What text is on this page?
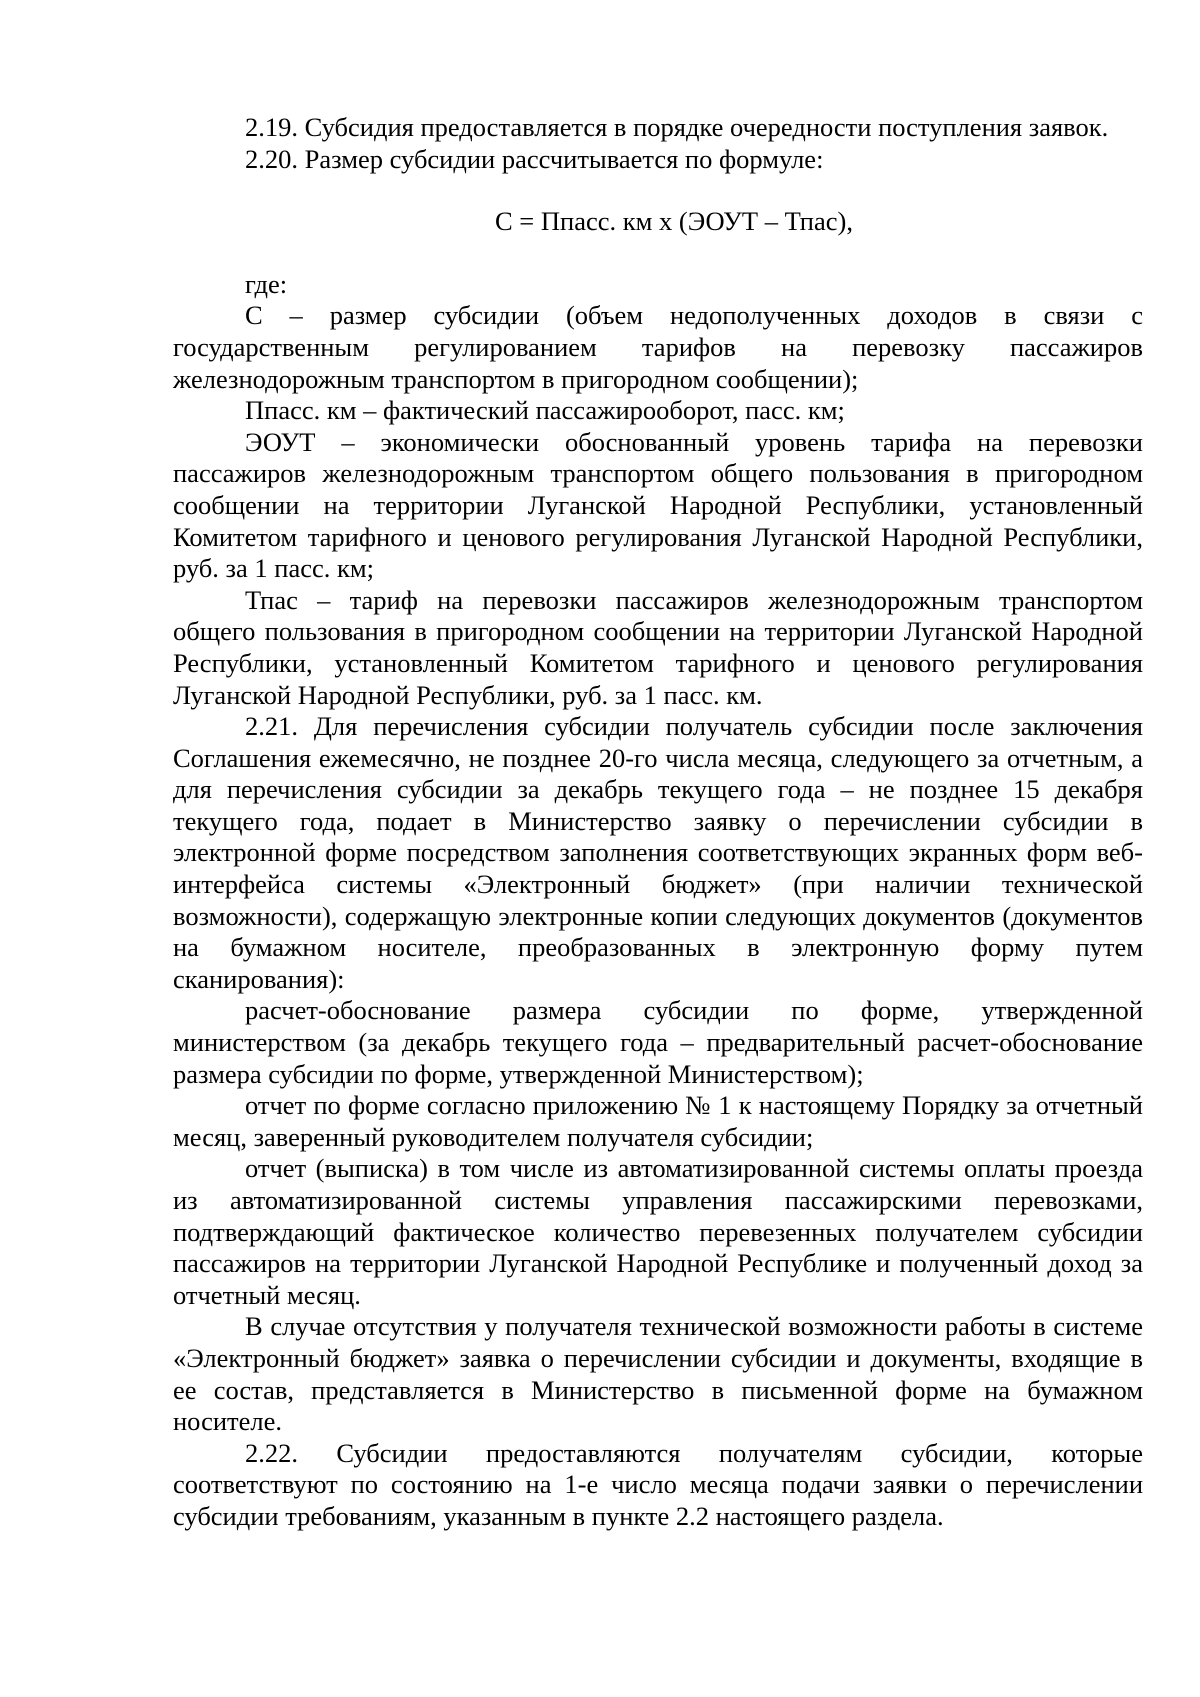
2.19. Субсидия предоставляется в порядке очередности поступления заявок.

2.20. Размер субсидии рассчитывается по формуле:

С = Ппасс. км х (ЭОУТ – Тпас),

где:

С – размер субсидии (объем недополученных доходов в связи с государственным регулированием тарифов на перевозку пассажиров железнодорожным транспортом в пригородном сообщении);

Ппасс. км – фактический пассажирооборот, пасс. км;

ЭОУТ – экономически обоснованный уровень тарифа на перевозки пассажиров железнодорожным транспортом общего пользования в пригородном сообщении на территории Луганской Народной Республики, установленный Комитетом тарифного и ценового регулирования Луганской Народной Республики, руб. за 1 пасс. км;

Тпас – тариф на перевозки пассажиров железнодорожным транспортом общего пользования в пригородном сообщении на территории Луганской Народной Республики, установленный Комитетом тарифного и ценового регулирования Луганской Народной Республики, руб. за 1 пасс. км.

2.21. Для перечисления субсидии получатель субсидии после заключения Соглашения ежемесячно, не позднее 20-го числа месяца, следующего за отчетным, а для перечисления субсидии за декабрь текущего года – не позднее 15 декабря текущего года, подает в Министерство заявку о перечислении субсидии в электронной форме посредством заполнения соответствующих экранных форм веб-интерфейса системы «Электронный бюджет» (при наличии технической возможности), содержащую электронные копии следующих документов (документов на бумажном носителе, преобразованных в электронную форму путем сканирования):

расчет-обоснование размера субсидии по форме, утвержденной министерством (за декабрь текущего года – предварительный расчет-обоснование размера субсидии по форме, утвержденной Министерством);

отчет по форме согласно приложению № 1 к настоящему Порядку за отчетный месяц, заверенный руководителем получателя субсидии;

отчет (выписка) в том числе из автоматизированной системы оплаты проезда из автоматизированной системы управления пассажирскими перевозками, подтверждающий фактическое количество перевезенных получателем субсидии пассажиров на территории Луганской Народной Республике и полученный доход за отчетный месяц.

В случае отсутствия у получателя технической возможности работы в системе «Электронный бюджет» заявка о перечислении субсидии и документы, входящие в ее состав, представляется в Министерство в письменной форме на бумажном носителе.

2.22. Субсидии предоставляются получателям субсидии, которые соответствуют по состоянию на 1-е число месяца подачи заявки о перечислении субсидии требованиям, указанным в пункте 2.2 настоящего раздела.
